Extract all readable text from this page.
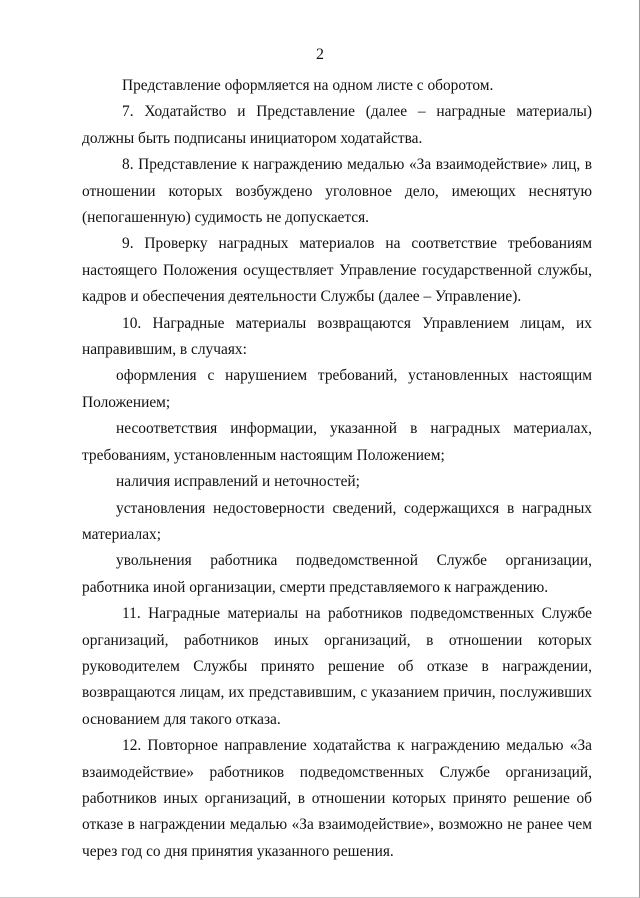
2

Представление оформляется на одном листе с оборотом.

7. Ходатайство и Представление (далее – наградные материалы) должны быть подписаны инициатором ходатайства.

8. Представление к награждению медалью «За взаимодействие» лиц, в отношении которых возбуждено уголовное дело, имеющих неснятую (непогашенную) судимость не допускается.

9. Проверку наградных материалов на соответствие требованиям настоящего Положения осуществляет Управление государственной службы, кадров и обеспечения деятельности Службы (далее – Управление).

10. Наградные материалы возвращаются Управлением лицам, их направившим, в случаях:

оформления с нарушением требований, установленных настоящим Положением;

несоответствия информации, указанной в наградных материалах, требованиям, установленным настоящим Положением;

наличия исправлений и неточностей;

установления недостоверности сведений, содержащихся в наградных материалах;

увольнения работника подведомственной Службе организации, работника иной организации, смерти представляемого к награждению.

11. Наградные материалы на работников подведомственных Службе организаций, работников иных организаций, в отношении которых руководителем Службы принято решение об отказе в награждении, возвращаются лицам, их представившим, с указанием причин, послуживших основанием для такого отказа.

12. Повторное направление ходатайства к награждению медалью «За взаимодействие» работников подведомственных Службе организаций, работников иных организаций, в отношении которых принято решение об отказе в награждении медалью «За взаимодействие», возможно не ранее чем через год со дня принятия указанного решения.
